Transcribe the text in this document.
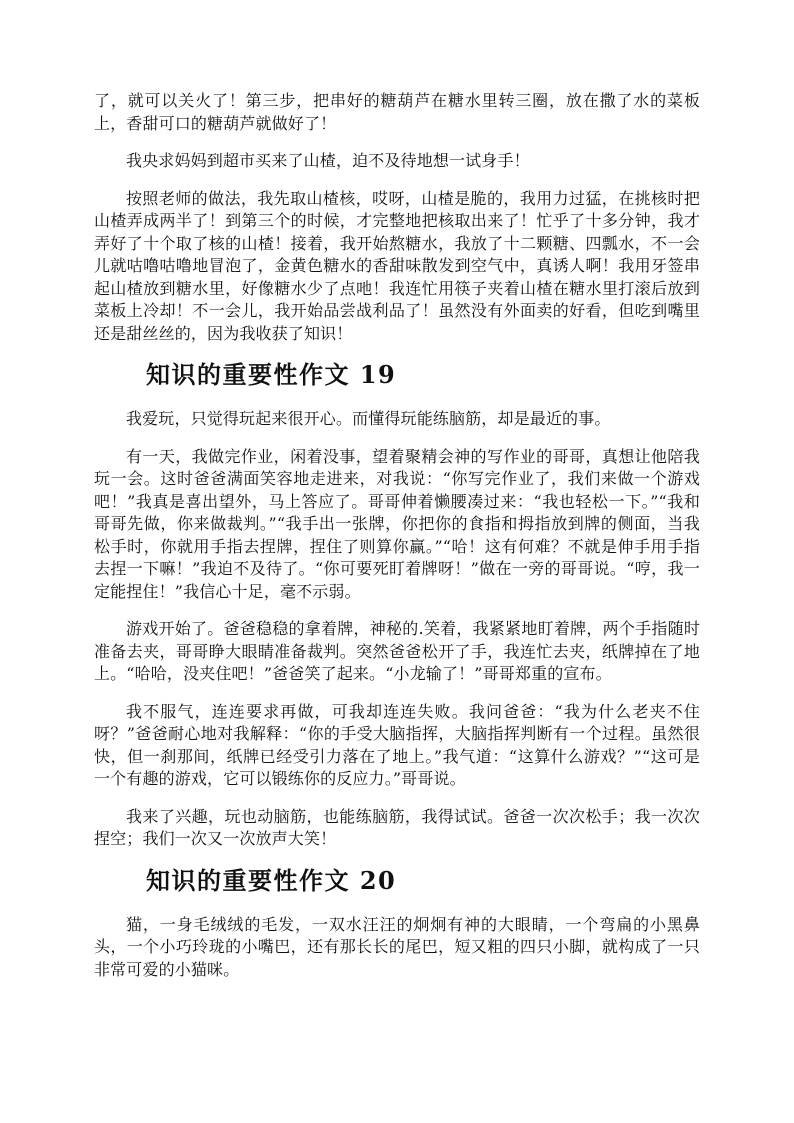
了，就可以关火了！第三步，把串好的糖葫芦在糖水里转三圈，放在撒了水的菜板上，香甜可口的糖葫芦就做好了！

我央求妈妈到超市买来了山楂，迫不及待地想一试身手！

按照老师的做法，我先取山楂核，哎呀，山楂是脆的，我用力过猛，在挑核时把山楂弄成两半了！到第三个的时候，才完整地把核取出来了！忙乎了十多分钟，我才弄好了十个取了核的山楂！接着，我开始熬糖水，我放了十二颗糖、四瓢水，不一会儿就咕噜咕噜地冒泡了，金黄色糖水的香甜味散发到空气中，真诱人啊！我用牙签串起山楂放到糖水里，好像糖水少了点吔！我连忙用筷子夹着山楂在糖水里打滚后放到菜板上冷却！不一会儿，我开始品尝战利品了！虽然没有外面卖的好看，但吃到嘴里还是甜丝丝的，因为我收获了知识！

知识的重要性作文 19

我爱玩，只觉得玩起来很开心。而懂得玩能练脑筋，却是最近的事。

有一天，我做完作业，闲着没事，望着聚精会神的写作业的哥哥，真想让他陪我玩一会。这时爸爸满面笑容地走进来，对我说：“你写完作业了，我们来做一个游戏吧！”我真是喜出望外，马上答应了。哥哥伸着懒腰凑过来：“我也轻松一下。”“我和哥哥先做，你来做裁判。”“我手出一张牌，你把你的食指和拇指放到牌的侧面，当我松手时，你就用手指去捏牌，捏住了则算你赢。”“哈！这有何难？不就是伸手用手指去捏一下嘛！”我迫不及待了。“你可要死盯着牌呀！”做在一旁的哥哥说。“哼，我一定能捏住！”我信心十足，毫不示弱。

游戏开始了。爸爸稳稳的拿着牌，神秘的.笑着，我紧紧地盯着牌，两个手指随时准备去夹，哥哥睁大眼睛准备裁判。突然爸爸松开了手，我连忙去夹，纸牌掉在了地上。“哈哈，没夹住吧！”爸爸笑了起来。“小龙输了！”哥哥郑重的宣布。

我不服气，连连要求再做，可我却连连失败。我问爸爸：“我为什么老夹不住呀？”爸爸耐心地对我解释：“你的手受大脑指挥，大脑指挥判断有一个过程。虽然很快，但一刹那间，纸牌已经受引力落在了地上。”我气道：“这算什么游戏？”“这可是一个有趣的游戏，它可以锻练你的反应力。”哥哥说。

我来了兴趣，玩也动脑筋，也能练脑筋，我得试试。爸爸一次次松手；我一次次捏空；我们一次又一次放声大笑！

知识的重要性作文 20

猫，一身毛绒绒的毛发，一双水汪汪的炯炯有神的大眼睛，一个弯扁的小黑鼻头，一个小巧玲珑的小嘴巴，还有那长长的尾巴，短又粗的四只小脚，就构成了一只非常可爱的小猫咪。
